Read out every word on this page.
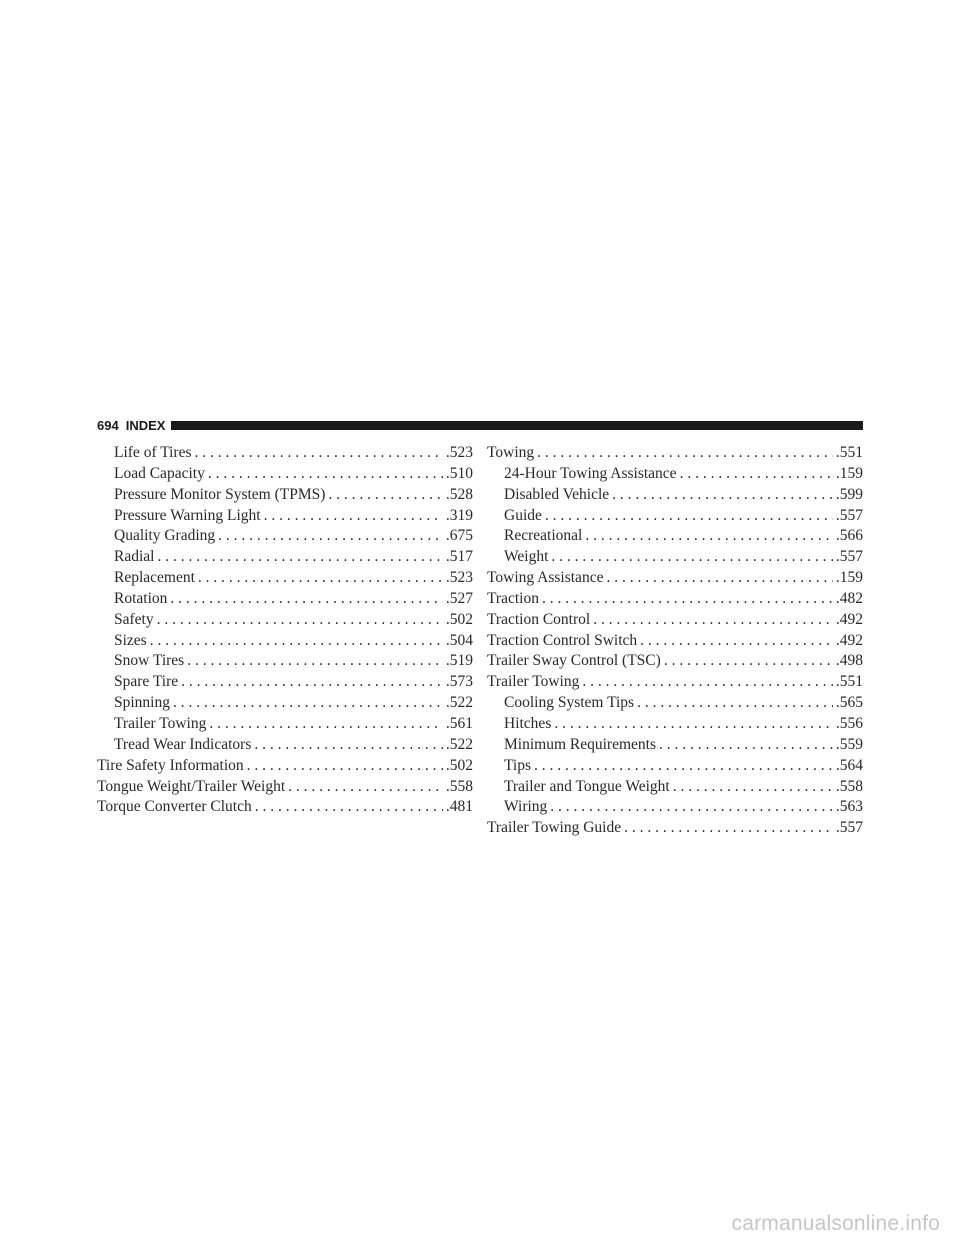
694 INDEX
Life of Tires . . .	.523
Load Capacity . . .	.510
Pressure Monitor System (TPMS) . . .	.528
Pressure Warning Light . . .	.319
Quality Grading . . .	.675
Radial . . .	.517
Replacement . . .	.523
Rotation . . .	.527
Safety . . .	.502
Sizes . . .	.504
Snow Tires . . .	.519
Spare Tire . . .	.573
Spinning . . .	.522
Trailer Towing . . .	.561
Tread Wear Indicators . . .	.522
Tire Safety Information . . .	.502
Tongue Weight/Trailer Weight . . .	.558
Torque Converter Clutch . . .	.481
Towing . . .	.551
24-Hour Towing Assistance . . .	.159
Disabled Vehicle . . .	.599
Guide . . .	.557
Recreational . . .	.566
Weight . . .	.557
Towing Assistance . . .	.159
Traction . . .	.482
Traction Control . . .	.492
Traction Control Switch . . .	.492
Trailer Sway Control (TSC) . . .	.498
Trailer Towing . . .	.551
Cooling System Tips . . .	.565
Hitches . . .	.556
Minimum Requirements . . .	.559
Tips . . .	.564
Trailer and Tongue Weight . . .	.558
Wiring . . .	.563
Trailer Towing Guide . . .	.557
carmanualsonline.info
